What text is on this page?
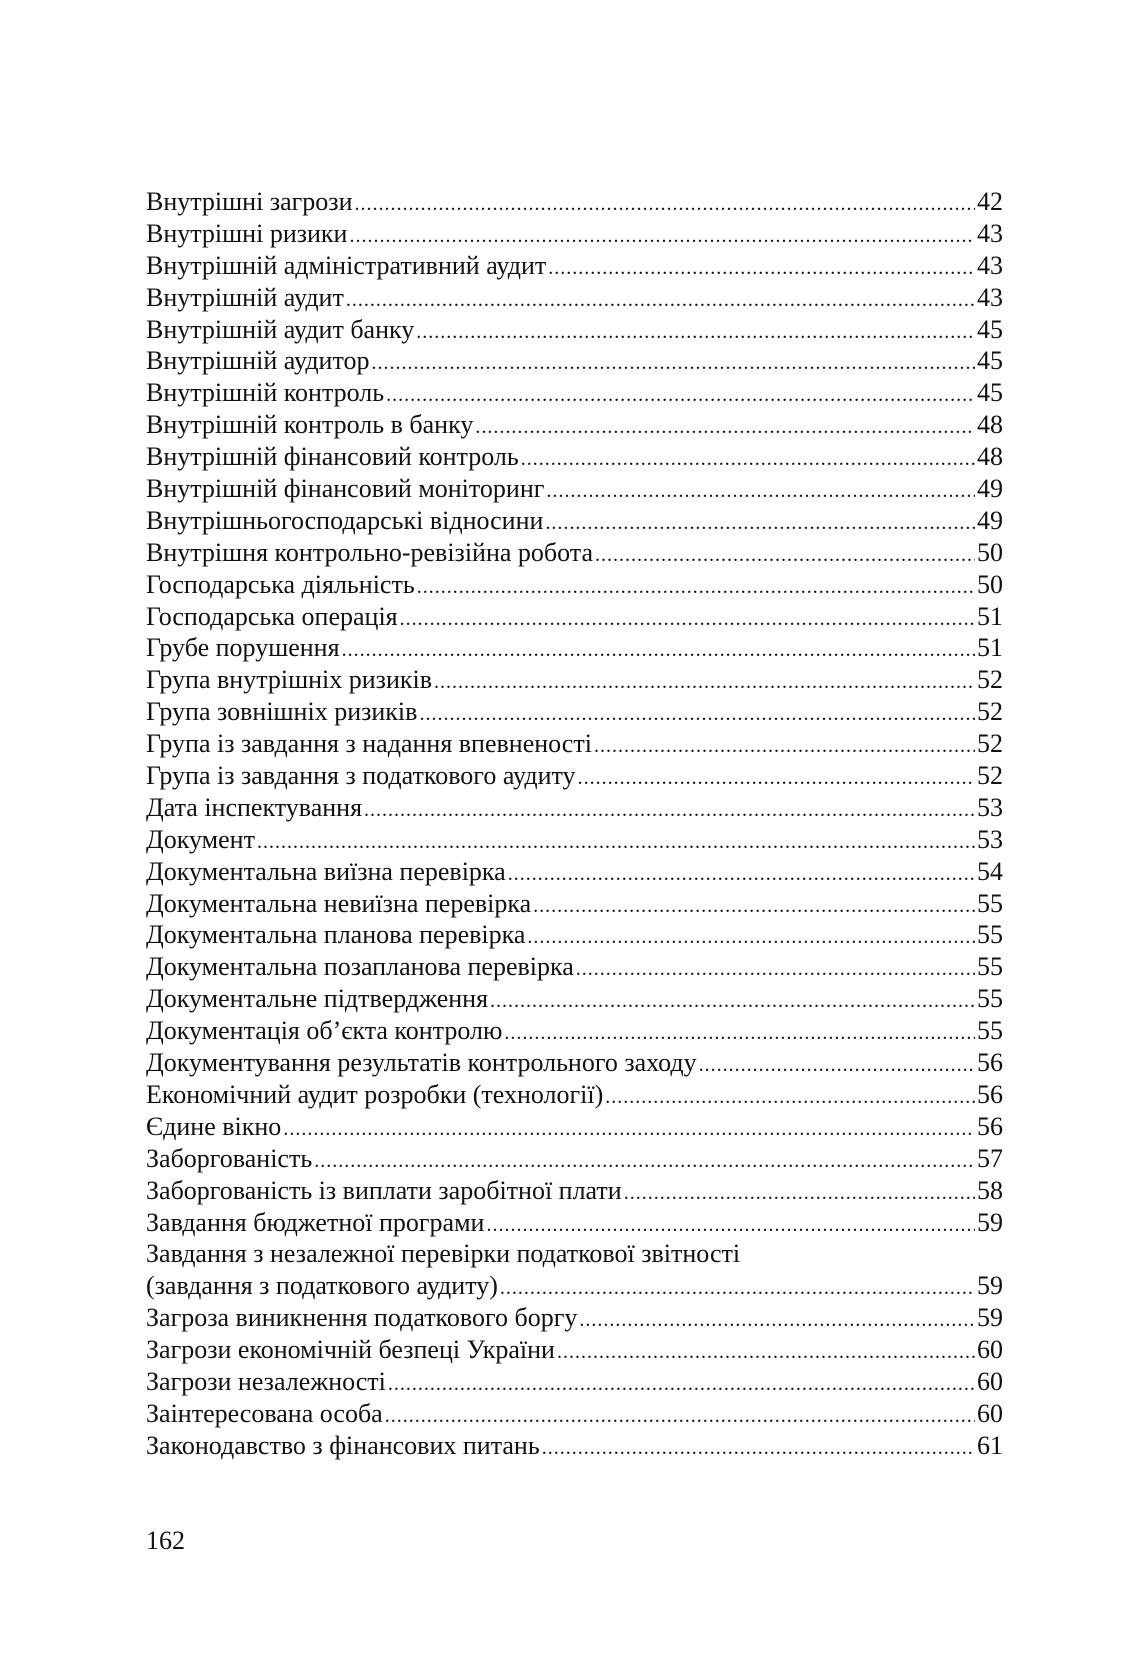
Внутрішні загрози .....	42
Внутрішні ризики .....	43
Внутрішній адміністративний аудит .....	43
Внутрішній аудит .....	43
Внутрішній аудит банку .....	45
Внутрішній аудитор .....	45
Внутрішній контроль .....	45
Внутрішній контроль в банку .....	48
Внутрішній фінансовий контроль .....	48
Внутрішній фінансовий моніторинг .....	49
Внутрішньогосподарські відносини .....	49
Внутрішня контрольно-ревізійна робота .....	50
Господарська діяльність .....	50
Господарська операція .....	51
Грубе порушення .....	51
Група внутрішніх ризиків .....	52
Група зовнішніх ризиків .....	52
Група із завдання з надання впевненості .....	52
Група із завдання з податкового аудиту .....	52
Дата інспектування .....	53
Документ .....	53
Документальна виїзна перевірка .....	54
Документальна невиїзна перевірка .....	55
Документальна планова перевірка .....	55
Документальна позапланова перевірка .....	55
Документальне підтвердження .....	55
Документація об’єкта контролю .....	55
Документування результатів контрольного заходу .....	56
Економічний аудит розробки (технології) .....	56
Єдине вікно .....	56
Заборгованість .....	57
Заборгованість із виплати заробітної плати .....	58
Завдання бюджетної програми .....	59
Завдання з незалежної перевірки податкової звітності
(завдання з податкового аудиту) .....	59
Загроза виникнення податкового боргу .....	59
Загрози економічній безпеці України .....	60
Загрози незалежності .....	60
Заінтересована особа .....	60
Законодавство з фінансових питань .....	61
162
